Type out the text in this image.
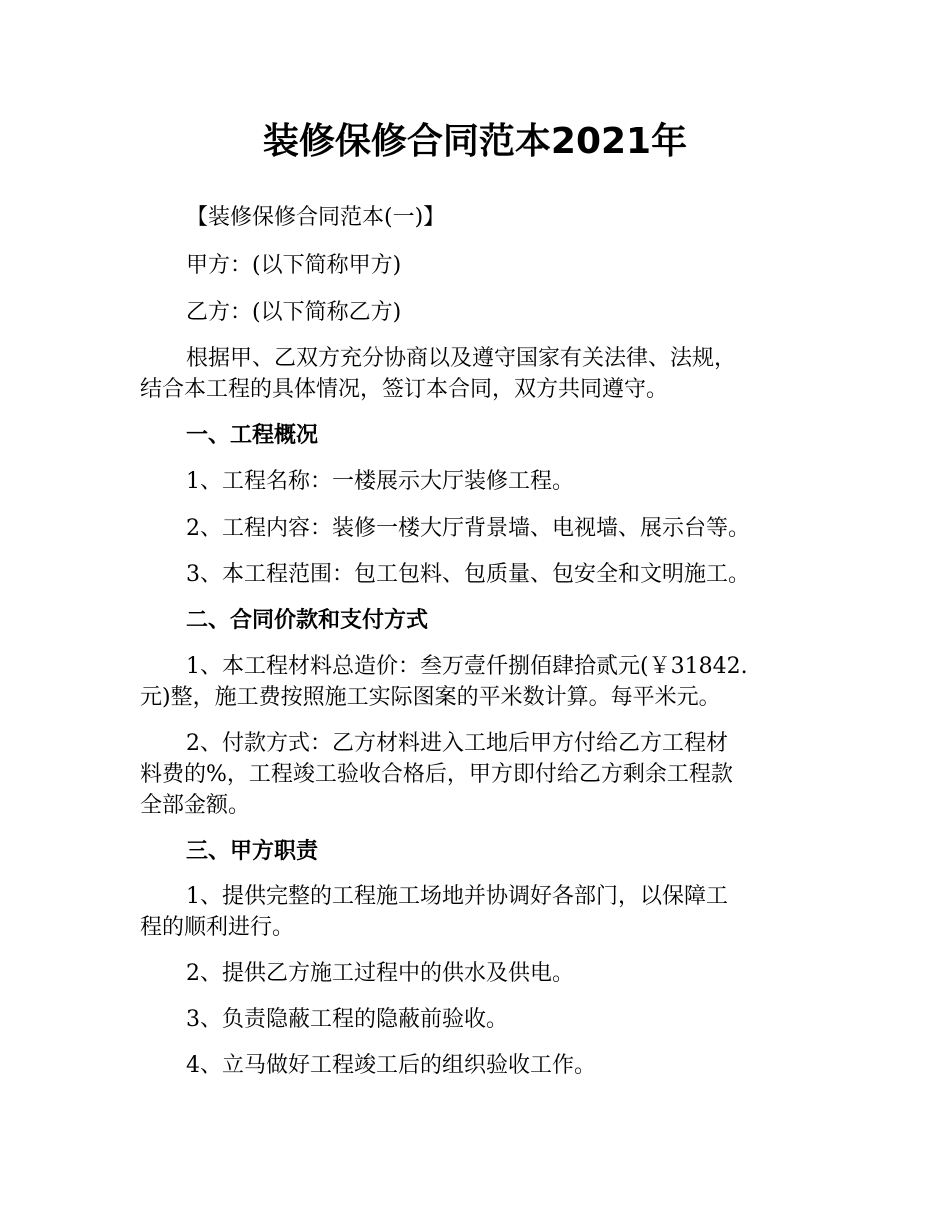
装修保修合同范本2021年
【装修保修合同范本(一)】
甲方：(以下简称甲方)
乙方：(以下简称乙方)
根据甲、乙双方充分协商以及遵守国家有关法律、法规，
结合本工程的具体情况，签订本合同，双方共同遵守。
一、工程概况
1、工程名称：一楼展示大厅装修工程。
2、工程内容：装修一楼大厅背景墙、电视墙、展示台等。
3、本工程范围：包工包料、包质量、包安全和文明施工。
二、合同价款和支付方式
1、本工程材料总造价：叁万壹仟捌佰肆拾贰元(￥31842.
元)整，施工费按照施工实际图案的平米数计算。每平米元。
2、付款方式：乙方材料进入工地后甲方付给乙方工程材
料费的%，工程竣工验收合格后，甲方即付给乙方剩余工程款
全部金额。
三、甲方职责
1、提供完整的工程施工场地并协调好各部门，以保障工
程的顺利进行。
2、提供乙方施工过程中的供水及供电。
3、负责隐蔽工程的隐蔽前验收。
4、立马做好工程竣工后的组织验收工作。
